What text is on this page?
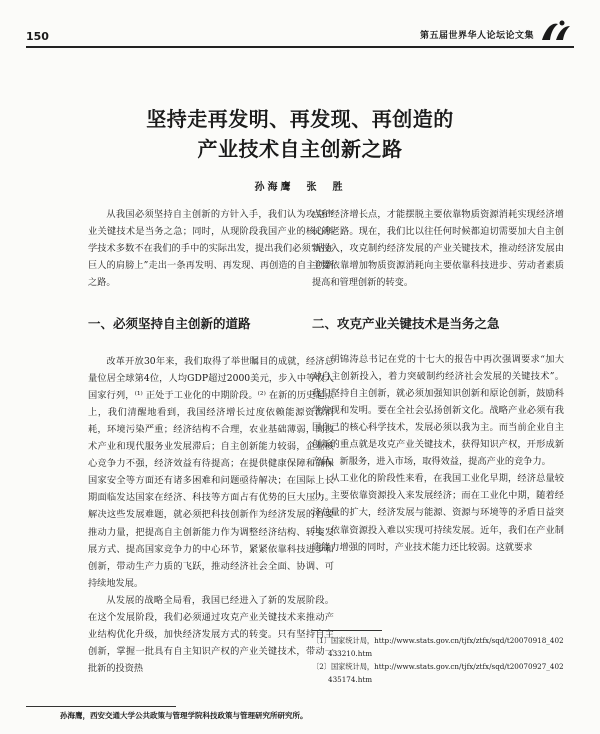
150	第五届世界华人论坛论文集
坚持走再发明、再发现、再创造的
产业技术自主创新之路
孙海鹰　张　胜

从我国必须坚持自主创新的方针入手，我们认为攻克产业关键技术是当务之急；同时，从现阶段我国产业的核心科学技术多数不在我们的手中的实际出发，提出我们必须“站在巨人的肩膀上”走出一条再发明、再发现、再创造的自主创新之路。

一、必须坚持自主创新的道路

改革开放30年来，我们取得了举世瞩目的成就，经济总量位居全球第4位，人均GDP超过2000美元，步入中等收入国家行列，⁽¹⁾ 正处于工业化的中期阶段。⁽²⁾ 在新的历史起点上，我们清醒地看到，我国经济增长过度依赖能源资源消耗，环境污染严重；经济结构不合理，农业基础薄弱，高技术产业和现代服务业发展滞后；自主创新能力较弱，企业核心竞争力不强，经济效益有待提高；在提供健康保障和确保国家安全等方面还有诸多困难和问题亟待解决；在国际上长期面临发达国家在经济、科技等方面占有优势的巨大压力。解决这些发展难题，就必须把科技创新作为经济发展的首要推动力量，把提高自主创新能力作为调整经济结构、转变发展方式、提高国家竞争力的中心环节，紧紧依靠科技进步和创新，带动生产力质的飞跃，推动经济社会全面、协调、可持续地发展。

从发展的战略全局看，我国已经进入了新的发展阶段。在这个发展阶段，我们必须通过攻克产业关键技术来推动产业结构优化升级，加快经济发展方式的转变。只有坚持自主创新，掌握一批具有自主知识产权的产业关键技术，带动一批新的投资热

点和经济增长点，才能摆脱主要依靠物质资源消耗实现经济增长的老路。现在，我们比以往任何时候都迫切需要加大自主创新投入，攻克制约经济发展的产业关键技术，推动经济发展由主要依靠增加物质资源消耗向主要依靠科技进步、劳动者素质提高和管理创新的转变。

二、攻克产业关键技术是当务之急

胡锦涛总书记在党的十七大的报告中再次强调要求“加大对自主创新投入，着力突破制约经济社会发展的关键技术”。我们坚持自主创新，就必须加强知识创新和原论创新，鼓励科学发现和发明。要在全社会弘扬创新文化。战略产业必须有我国自己的核心科学技术，发展必须以我为主。而当前企业自主创新的重点就是攻克产业关键技术，获得知识产权，开形成新产品、新服务，进入市场，取得效益，提高产业的竞争力。

从工业化的阶段性来看，在我国工业化早期，经济总量较小，主要依靠资源投入来发展经济；而在工业化中期，随着经济总量的扩大，经济发展与能源、资源与环境等的矛盾日益突出，依靠资源投入难以实现可持续发展。近年，我们在产业制造能力增强的同时，产业技术能力还比较弱。这就要求

〔1〕国家统计局，http://www.stats.gov.cn/tjfx/ztfx/sqd/t20070918_402433210.htm

〔2〕国家统计局，http://www.stats.gov.cn/tjfx/ztfx/sqd/t20070927_402435174.htm

孙海鹰，西安交通大学公共政策与管理学院科技政策与管理研究所研究所。
